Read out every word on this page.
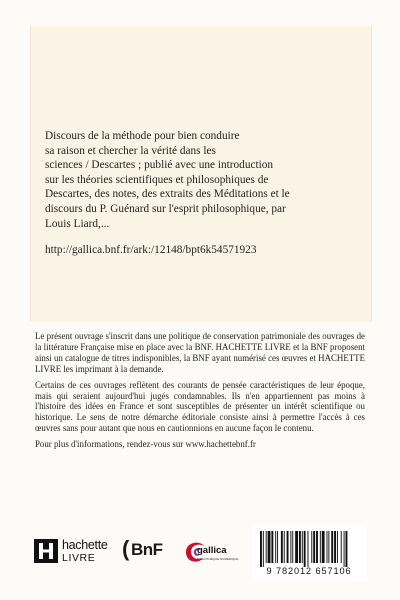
Discours de la méthode pour bien conduire
sa raison et chercher la vérité dans les
sciences / Descartes ; publié avec une introduction
sur les théories scientifiques et philosophiques de
Descartes, des notes, des extraits des Méditations et le
discours du P. Guénard sur l'esprit philosophique, par
Louis Liard,...

http://gallica.bnf.fr/ark:/12148/bpt6k54571923

Le présent ouvrage s'inscrit dans une politique de conservation patrimoniale des ouvrages de la littérature Française mise en place avec la BNF. HACHETTE LIVRE et la BNF proposent ainsi un catalogue de titres indisponibles, la BNF ayant numérisé ces œuvres et HACHETTE LIVRE les imprimant à la demande.

Certains de ces ouvrages reflètent des courants de pensée caractéristiques de leur époque, mais qui seraient aujourd'hui jugés condamnables. Ils n'en appartiennent pas moins à l'histoire des idées en France et sont susceptibles de présenter un intérêt scientifique ou historique. Le sens de notre démarche éditoriale consiste ainsi à permettre l'accès à ces œuvres sans pour autant que nous en cautionnions en aucune façon le contenu.

Pour plus d'informations, rendez-vous sur www.hachettebnf.fr

hachette
LIVRE ( BnF	gallica
BIBLIOTHÈQUE NUMÉRIQUE
9 782012 657106
